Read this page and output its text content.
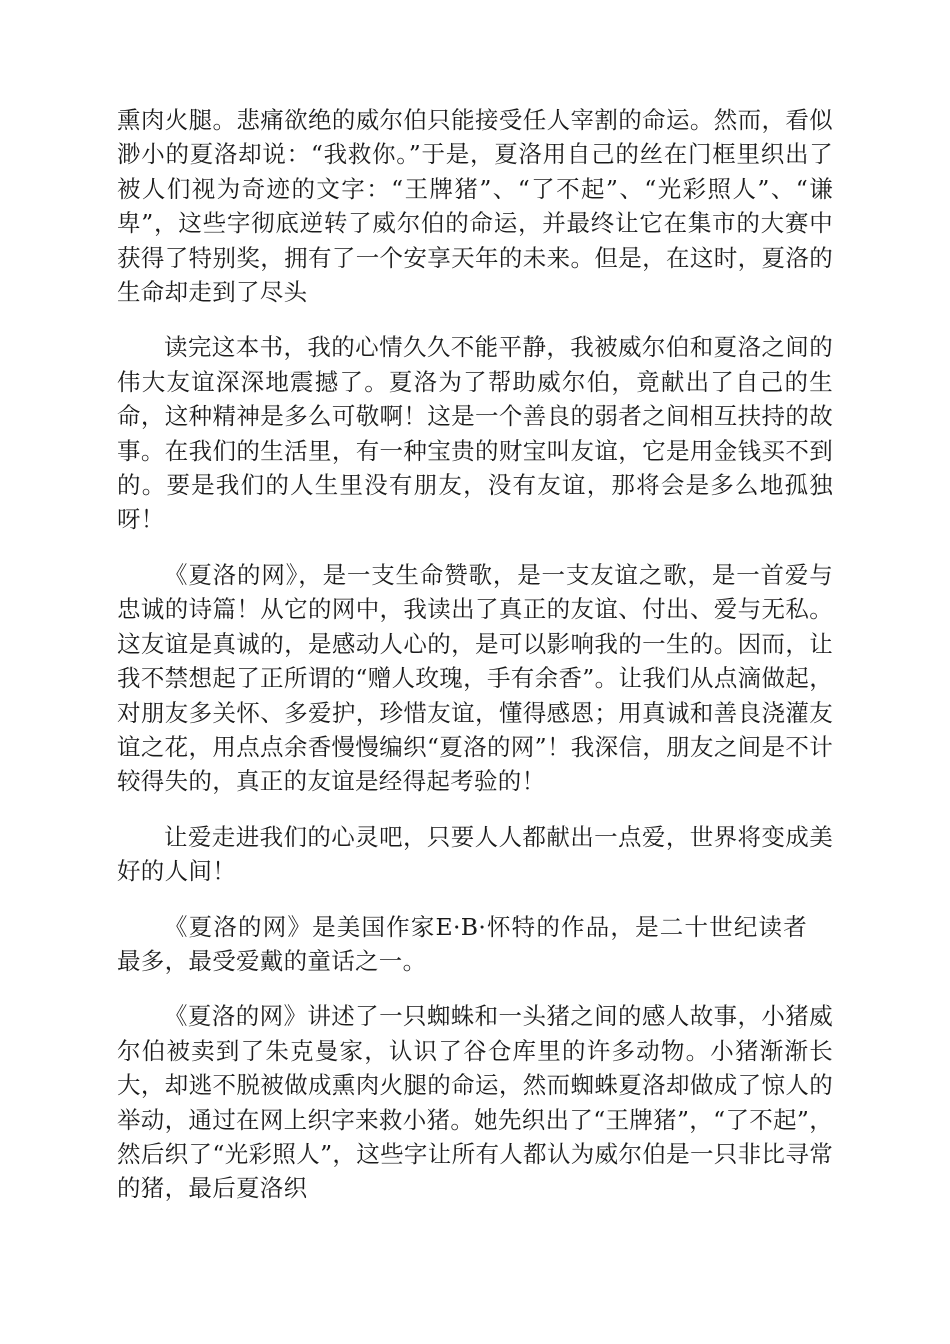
熏肉火腿。悲痛欲绝的威尔伯只能接受任人宰割的命运。然而，看似渺小的夏洛却说：“我救你。”于是，夏洛用自己的丝在门框里织出了被人们视为奇迹的文字：“王牌猪”、“了不起”、“光彩照人”、“谦卑”，这些字彻底逆转了威尔伯的命运，并最终让它在集市的大赛中获得了特别奖，拥有了一个安享天年的未来。但是，在这时，夏洛的生命却走到了尽头

读完这本书，我的心情久久不能平静，我被威尔伯和夏洛之间的伟大友谊深深地震撼了。夏洛为了帮助威尔伯，竟献出了自己的生命，这种精神是多么可敬啊！这是一个善良的弱者之间相互扶持的故事。在我们的生活里，有一种宝贵的财宝叫友谊，它是用金钱买不到的。要是我们的人生里没有朋友，没有友谊，那将会是多么地孤独呀！

《夏洛的网》，是一支生命赞歌，是一支友谊之歌，是一首爱与忠诚的诗篇！从它的网中，我读出了真正的友谊、付出、爱与无私。这友谊是真诚的，是感动人心的，是可以影响我的一生的。因而，让我不禁想起了正所谓的“赠人玫瑰，手有余香”。让我们从点滴做起，对朋友多关怀、多爱护，珍惜友谊，懂得感恩；用真诚和善良浇灌友谊之花，用点点余香慢慢编织“夏洛的网”！我深信，朋友之间是不计较得失的，真正的友谊是经得起考验的！

让爱走进我们的心灵吧，只要人人都献出一点爱，世界将变成美好的人间！

《夏洛的网》是美国作家E·B·怀特的作品，是二十世纪读者最多，最受爱戴的童话之一。

《夏洛的网》讲述了一只蜘蛛和一头猪之间的感人故事，小猪威尔伯被卖到了朱克曼家，认识了谷仓库里的许多动物。小猪渐渐长大，却逃不脱被做成熏肉火腿的命运，然而蜘蛛夏洛却做成了惊人的举动，通过在网上织字来救小猪。她先织出了“王牌猪”，“了不起”，然后织了“光彩照人”，这些字让所有人都认为威尔伯是一只非比寻常的猪，最后夏洛织
